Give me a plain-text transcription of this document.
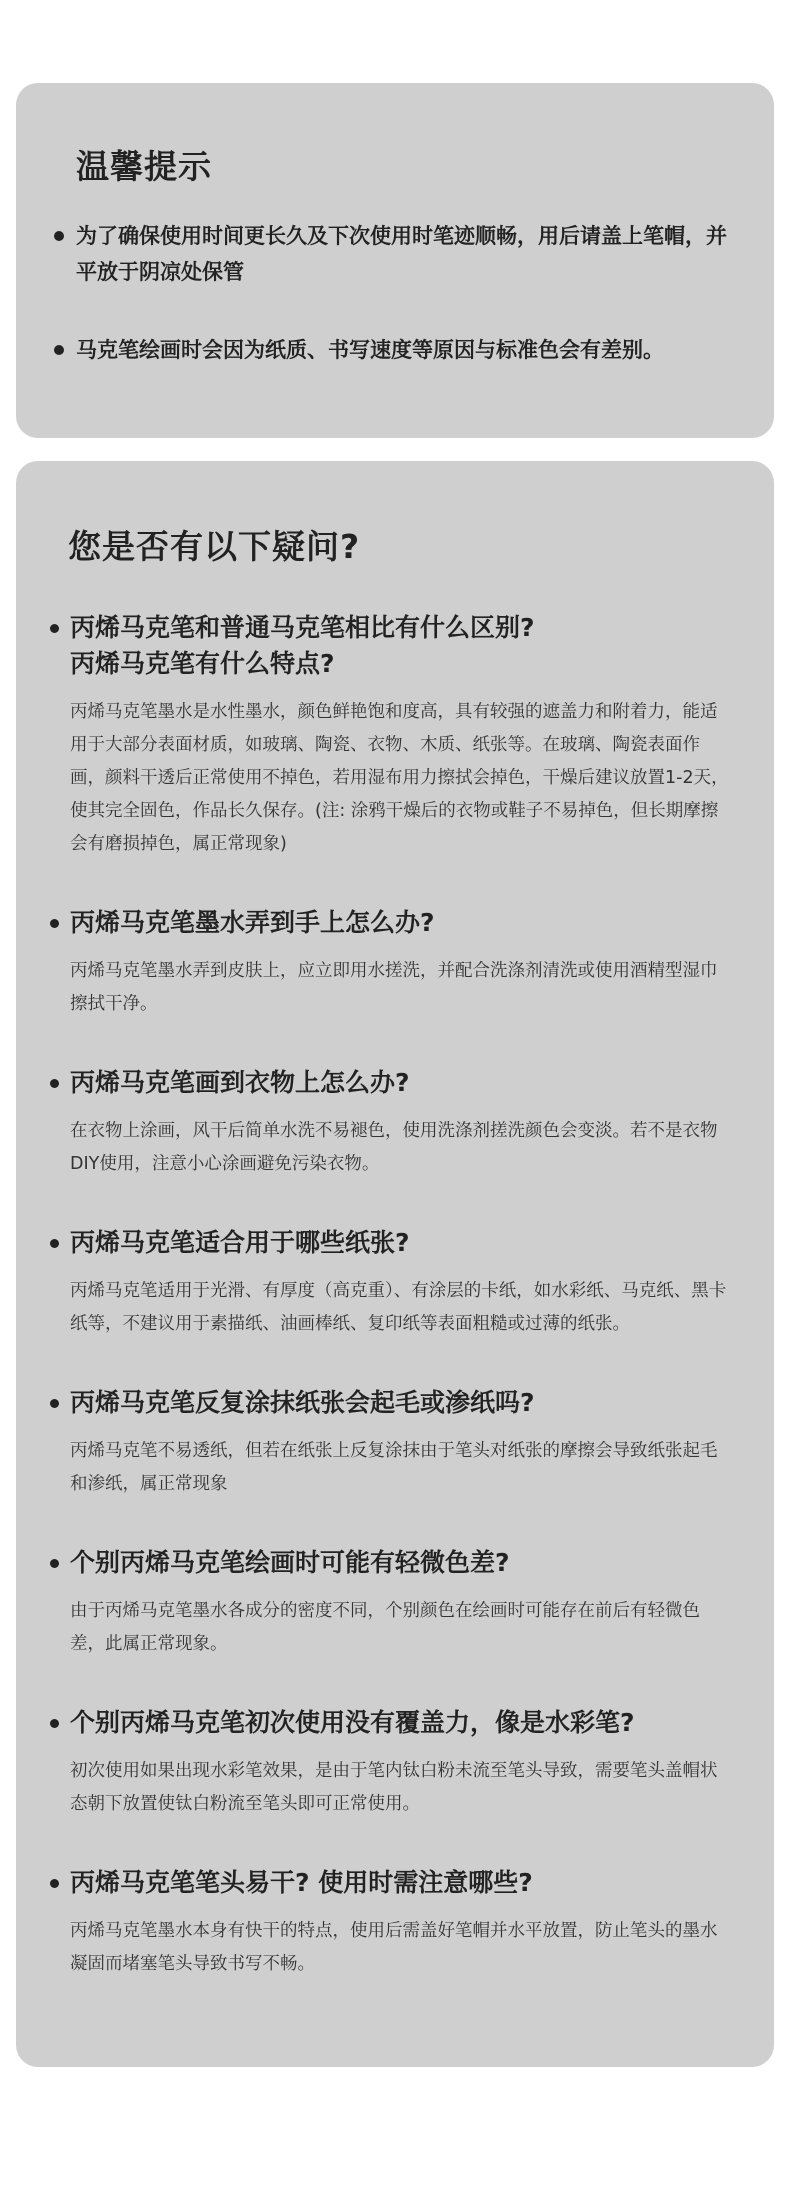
温馨提示
为了确保使用时间更长久及下次使用时笔迹顺畅，用后请盖上笔帽，并平放于阴凉处保管
马克笔绘画时会因为纸质、书写速度等原因与标准色会有差别。
您是否有以下疑问?
丙烯马克笔和普通马克笔相比有什么区别?
丙烯马克笔有什么特点?

丙烯马克笔墨水是水性墨水，颜色鲜艳饱和度高，具有较强的遮盖力和附着力，能适用于大部分表面材质，如玻璃、陶瓷、衣物、木质、纸张等。在玻璃、陶瓷表面作画，颜料干透后正常使用不掉色，若用湿布用力擦拭会掉色，干燥后建议放置1-2天，使其完全固色，作品长久保存。(注: 涂鸦干燥后的衣物或鞋子不易掉色，但长期摩擦会有磨损掉色，属正常现象)

丙烯马克笔墨水弄到手上怎么办?

丙烯马克笔墨水弄到皮肤上，应立即用水搓洗，并配合洗涤剂清洗或使用酒精型湿巾擦拭干净。

丙烯马克笔画到衣物上怎么办?

在衣物上涂画，风干后简单水洗不易褪色，使用洗涤剂搓洗颜色会变淡。若不是衣物DIY使用，注意小心涂画避免污染衣物。

丙烯马克笔适合用于哪些纸张?

丙烯马克笔适用于光滑、有厚度（高克重）、有涂层的卡纸，如水彩纸、马克纸、黑卡纸等，不建议用于素描纸、油画棒纸、复印纸等表面粗糙或过薄的纸张。

丙烯马克笔反复涂抹纸张会起毛或渗纸吗?

丙烯马克笔不易透纸，但若在纸张上反复涂抹由于笔头对纸张的摩擦会导致纸张起毛和渗纸，属正常现象

个别丙烯马克笔绘画时可能有轻微色差?

由于丙烯马克笔墨水各成分的密度不同，个别颜色在绘画时可能存在前后有轻微色差，此属正常现象。

个别丙烯马克笔初次使用没有覆盖力，像是水彩笔?

初次使用如果出现水彩笔效果，是由于笔内钛白粉未流至笔头导致，需要笔头盖帽状态朝下放置使钛白粉流至笔头即可正常使用。

丙烯马克笔笔头易干? 使用时需注意哪些?

丙烯马克笔墨水本身有快干的特点，使用后需盖好笔帽并水平放置，防止笔头的墨水凝固而堵塞笔头导致书写不畅。
